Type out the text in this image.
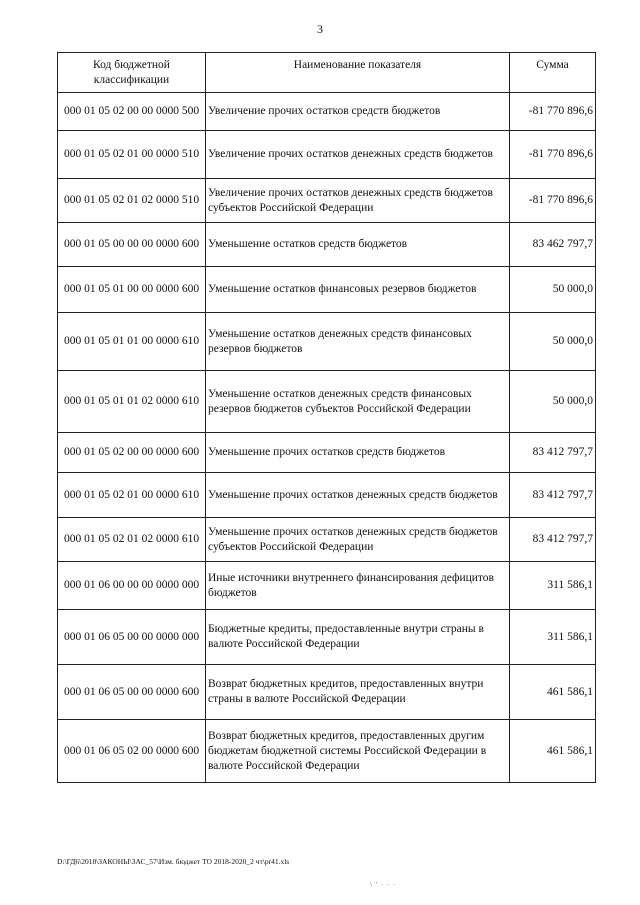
3
Код бюджетной классификации	Наименование показателя	Сумма
000 01 05 02 00 00 0000 500	Увеличение прочих остатков средств бюджетов	-81 770 896,6
000 01 05 02 01 00 0000 510	Увеличение прочих остатков денежных средств бюджетов	-81 770 896,6
000 01 05 02 01 02 0000 510	Увеличение прочих остатков денежных средств бюджетов субъектов Российской Федерации	-81 770 896,6
000 01 05 00 00 00 0000 600	Уменьшение остатков средств бюджетов	83 462 797,7
000 01 05 01 00 00 0000 600	Уменьшение остатков финансовых резервов бюджетов	50 000,0
000 01 05 01 01 00 0000 610	Уменьшение остатков денежных средств финансовых резервов бюджетов	50 000,0
000 01 05 01 01 02 0000 610	Уменьшение остатков денежных средств финансовых резервов бюджетов субъектов Российской Федерации	50 000,0
000 01 05 02 00 00 0000 600	Уменьшение прочих остатков средств бюджетов	83 412 797,7
000 01 05 02 01 00 0000 610	Уменьшение прочих остатков денежных средств бюджетов	83 412 797,7
000 01 05 02 01 02 0000 610	Уменьшение прочих остатков денежных средств бюджетов субъектов Российской Федерации	83 412 797,7
000 01 06 00 00 00 0000 000	Иные источники внутреннего финансирования дефицитов бюджетов	311 586,1
000 01 06 05 00 00 0000 000	Бюджетные кредиты, предоставленные внутри страны в валюте Российской Федерации	311 586,1
000 01 06 05 00 00 0000 600	Возврат бюджетных кредитов, предоставленных внутри страны в валюте Российской Федерации	461 586,1
000 01 06 05 02 00 0000 600	Возврат бюджетных кредитов, предоставленных другим бюджетам бюджетной системы Российской Федерации в валюте Российской Федерации	461 586,1
D:\ГД6\2018\ЗАКОНЫ\ЗАС_57\Изм. бюджет ТО 2018-2020_2 чт\pr41.xls
\ ' · · ·
